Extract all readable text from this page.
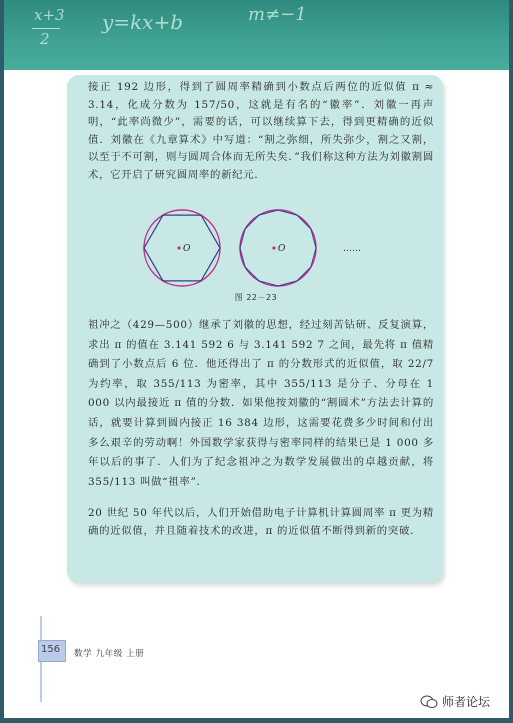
x+3
2
y=kx+b	m≠−1

接正 192 边形，得到了圆周率精确到小数点后两位的近似值 π ≈ 3.14，化成分数为 157/50，这就是有名的“徽率”．刘徽一再声明，“此率尚微少”，需要的话，可以继续算下去，得到更精确的近似值．刘徽在《九章算术》中写道：“割之弥细，所失弥少，割之又割，以至于不可割，则与圆周合体而无所失矣．”我们称这种方法为刘徽割圆术，它开启了研究圆周率的新纪元．

O	O	……
图 22－23

祖冲之（429—500）继承了刘徽的思想，经过刻苦钻研、反复演算，求出 π 的值在 3.141 592 6 与 3.141 592 7 之间，最先将 π 值精确到了小数点后 6 位．他还得出了 π 的分数形式的近似值，取 22/7 为约率，取 355/113 为密率，其中 355/113 是分子、分母在 1 000 以内最接近 π 值的分数．如果他按刘徽的“割圆术”方法去计算的话，就要计算到圆内接正 16 384 边形，这需要花费多少时间和付出多么艰辛的劳动啊！外国数学家获得与密率同样的结果已是 1 000 多年以后的事了．人们为了纪念祖冲之为数学发展做出的卓越贡献，将 355/113 叫做“祖率”．

20 世纪 50 年代以后，人们开始借助电子计算机计算圆周率 π 更为精确的近似值，并且随着技术的改进，π 的近似值不断得到新的突破．

156 数学 九年级 上册
师者论坛
